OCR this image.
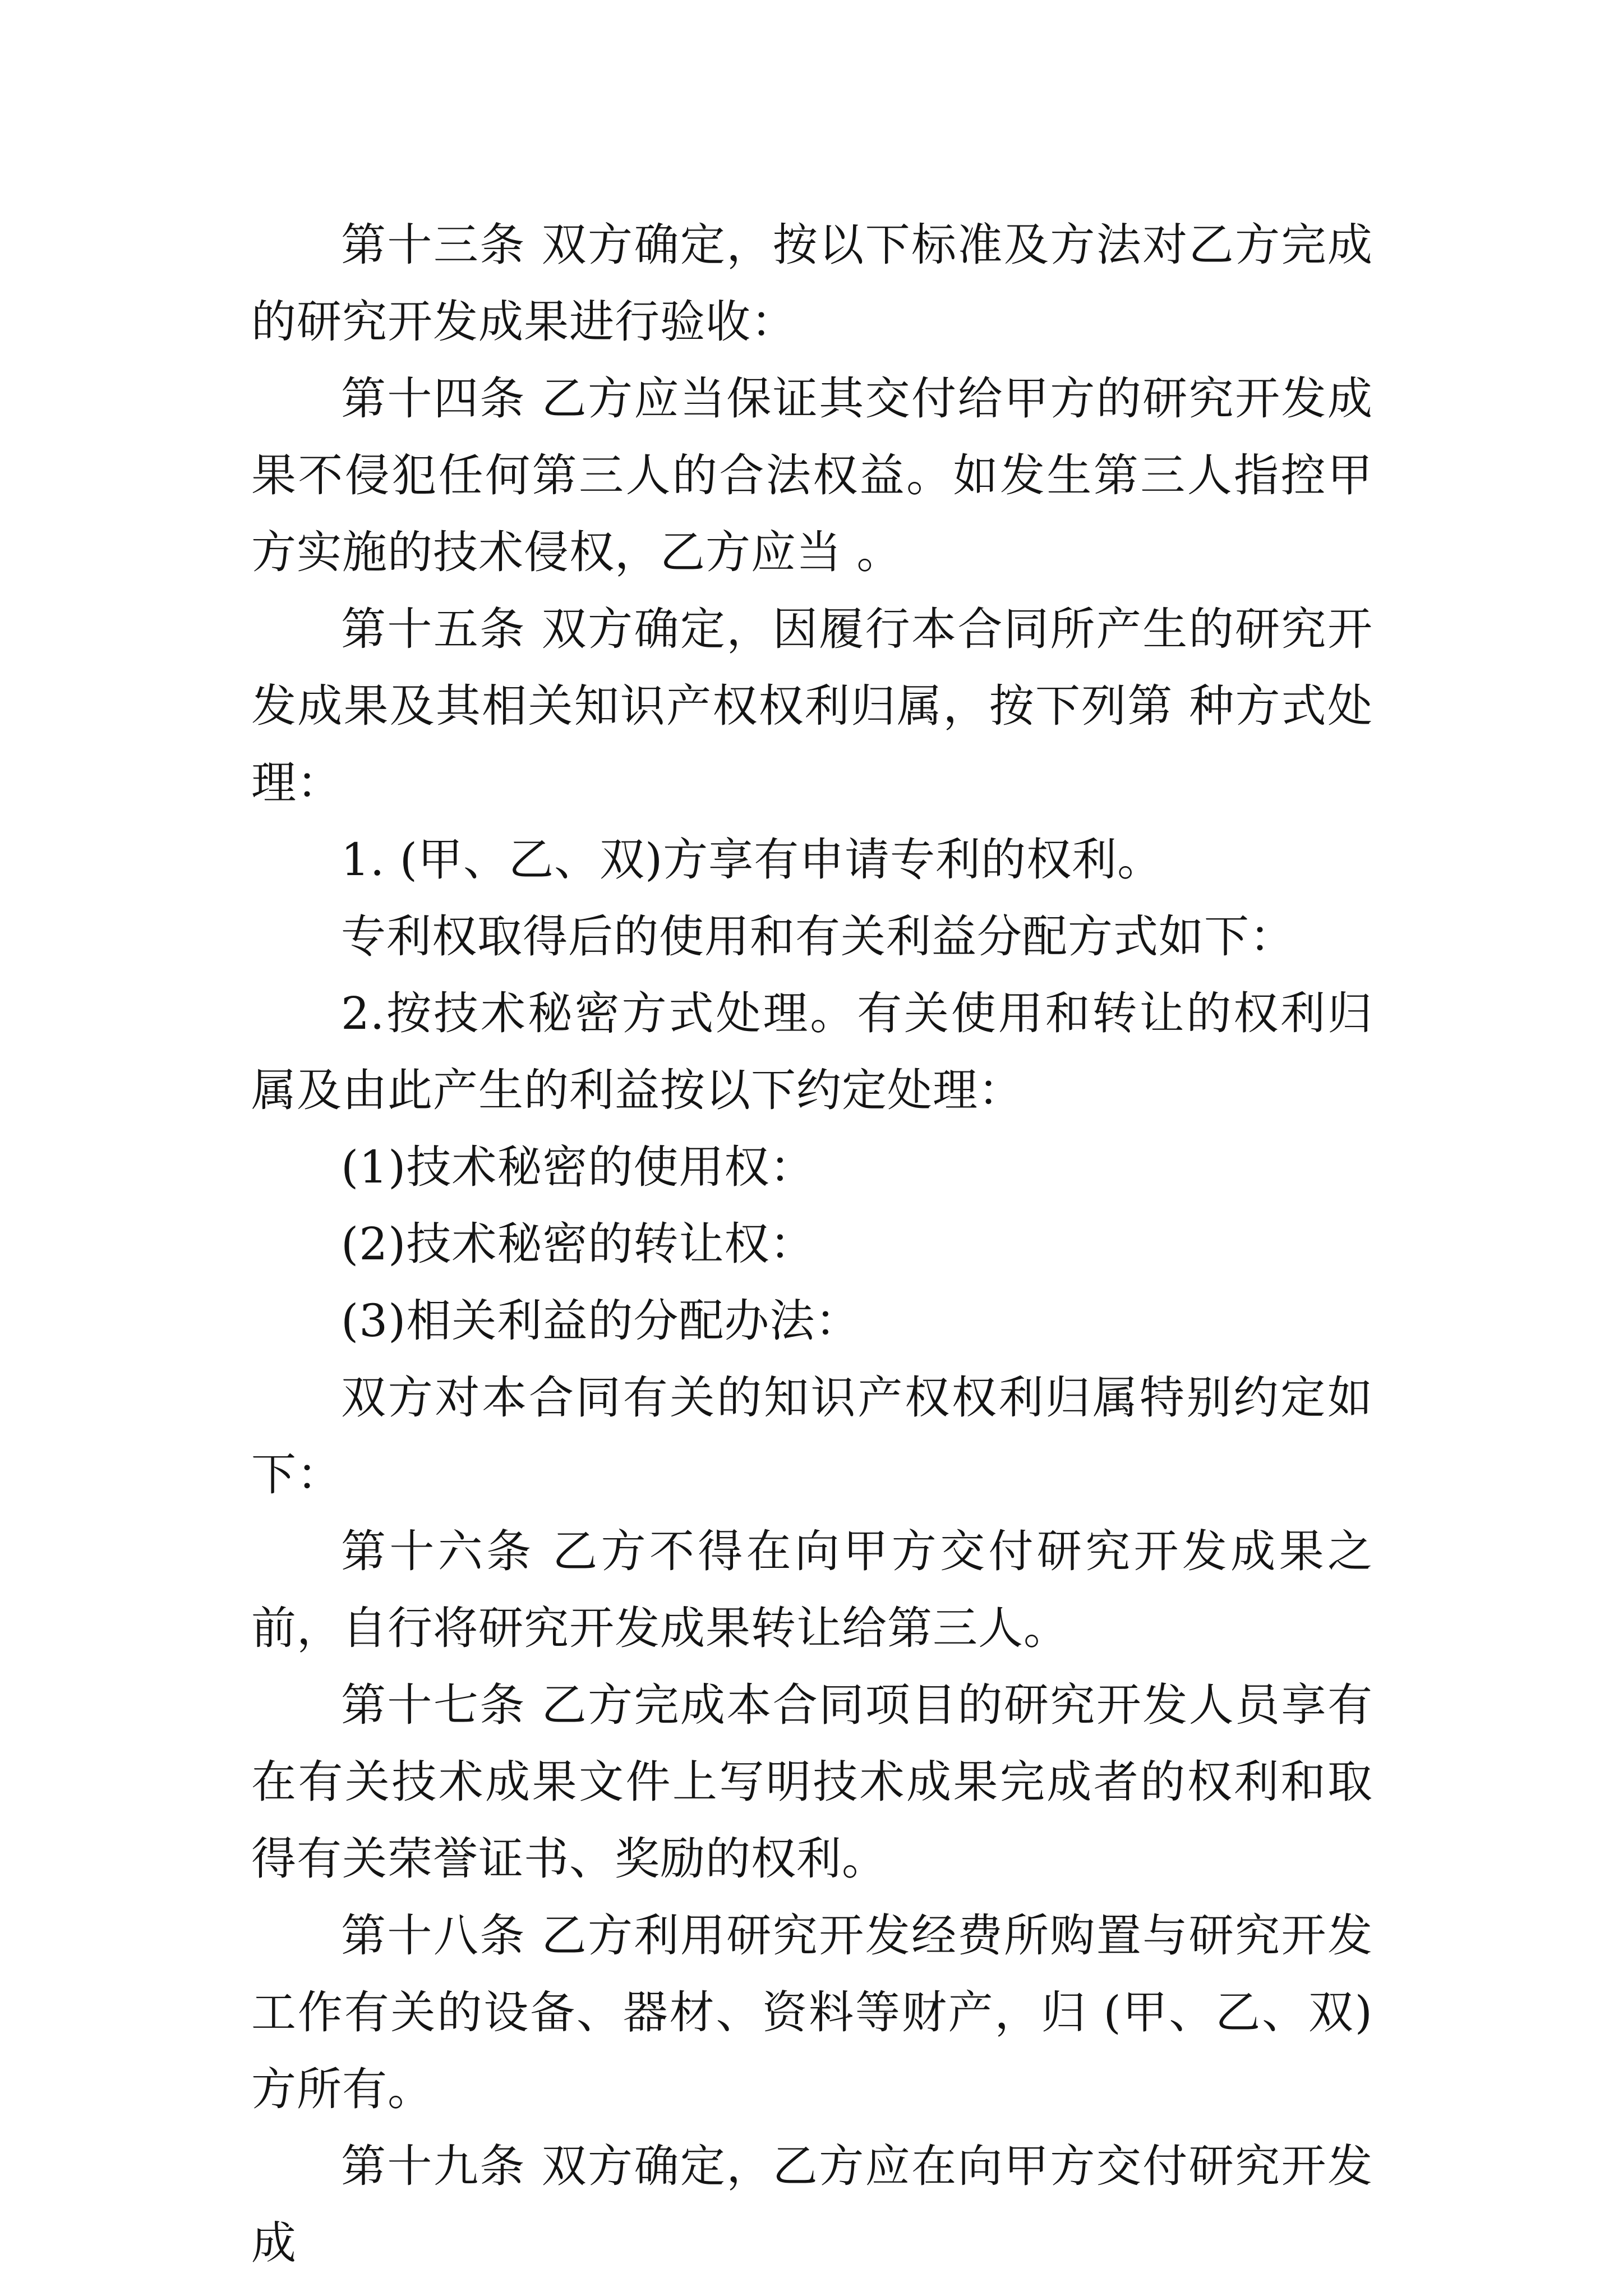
第十三条 双方确定，按以下标准及方法对乙方完成的研究开发成果进行验收：

第十四条 乙方应当保证其交付给甲方的研究开发成果不侵犯任何第三人的合法权益。如发生第三人指控甲方实施的技术侵权，乙方应当 。

第十五条 双方确定，因履行本合同所产生的研究开发成果及其相关知识产权权利归属，按下列第 种方式处理：

1. (甲、乙、双)方享有申请专利的权利。

专利权取得后的使用和有关利益分配方式如下：

2.按技术秘密方式处理。有关使用和转让的权利归属及由此产生的利益按以下约定处理：

(1)技术秘密的使用权：

(2)技术秘密的转让权：

(3)相关利益的分配办法：

双方对本合同有关的知识产权权利归属特别约定如下：

第十六条 乙方不得在向甲方交付研究开发成果之前，自行将研究开发成果转让给第三人。

第十七条 乙方完成本合同项目的研究开发人员享有在有关技术成果文件上写明技术成果完成者的权利和取得有关荣誉证书、奖励的权利。

第十八条 乙方利用研究开发经费所购置与研究开发工作有关的设备、器材、资料等财产，归 (甲、乙、双)方所有。

第十九条 双方确定，乙方应在向甲方交付研究开发成
